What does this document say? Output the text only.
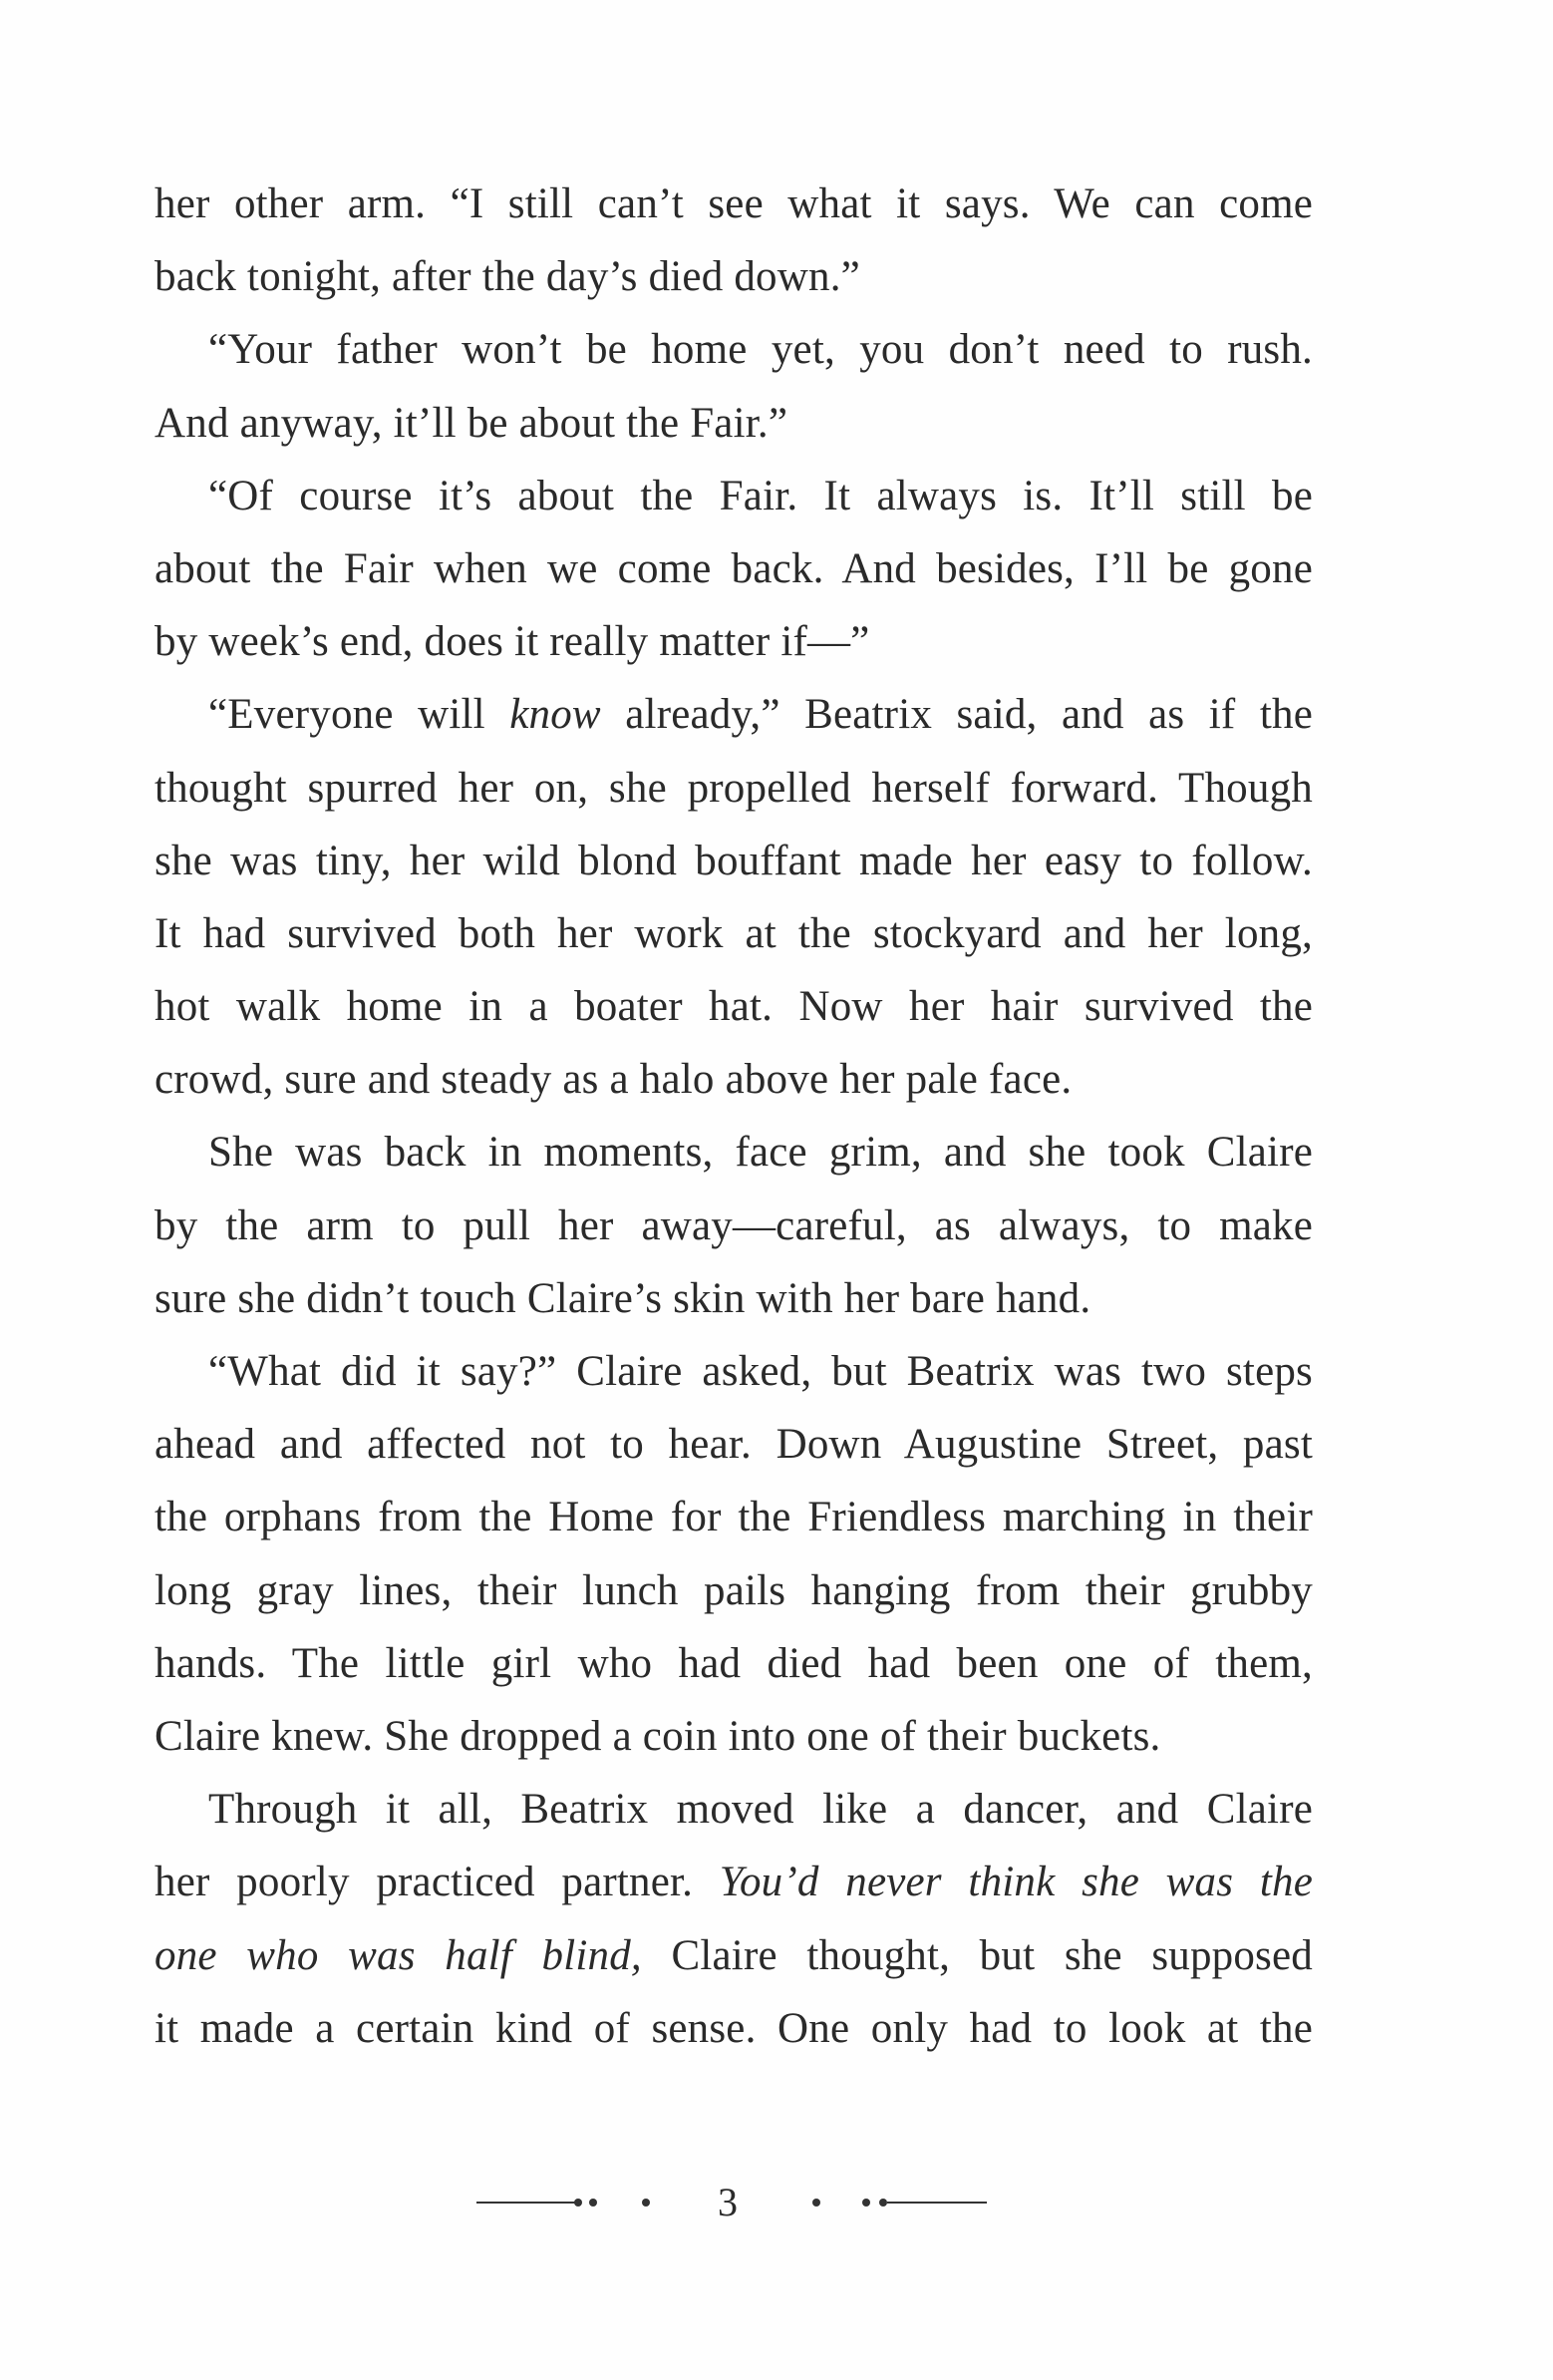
her other arm. “I still can’t see what it says. We can come
back tonight, after the day’s died down.”
“Your father won’t be home yet, you don’t need to rush.
And anyway, it’ll be about the Fair.”
“Of course it’s about the Fair. It always is. It’ll still be
about the Fair when we come back. And besides, I’ll be gone
by week’s end, does it really matter if—”
“Everyone will know already,” Beatrix said, and as if the
thought spurred her on, she propelled herself forward. Though
she was tiny, her wild blond bouffant made her easy to follow.
It had survived both her work at the stockyard and her long,
hot walk home in a boater hat. Now her hair survived the
crowd, sure and steady as a halo above her pale face.
She was back in moments, face grim, and she took Claire
by the arm to pull her away—careful, as always, to make
sure she didn’t touch Claire’s skin with her bare hand.
“What did it say?” Claire asked, but Beatrix was two steps
ahead and affected not to hear. Down Augustine Street, past
the orphans from the Home for the Friendless marching in their
long gray lines, their lunch pails hanging from their grubby
hands. The little girl who had died had been one of them,
Claire knew. She dropped a coin into one of their buckets.
Through it all, Beatrix moved like a dancer, and Claire
her poorly practiced partner. You’d never think she was the
one who was half blind, Claire thought, but she supposed
it made a certain kind of sense. One only had to look at the
3
